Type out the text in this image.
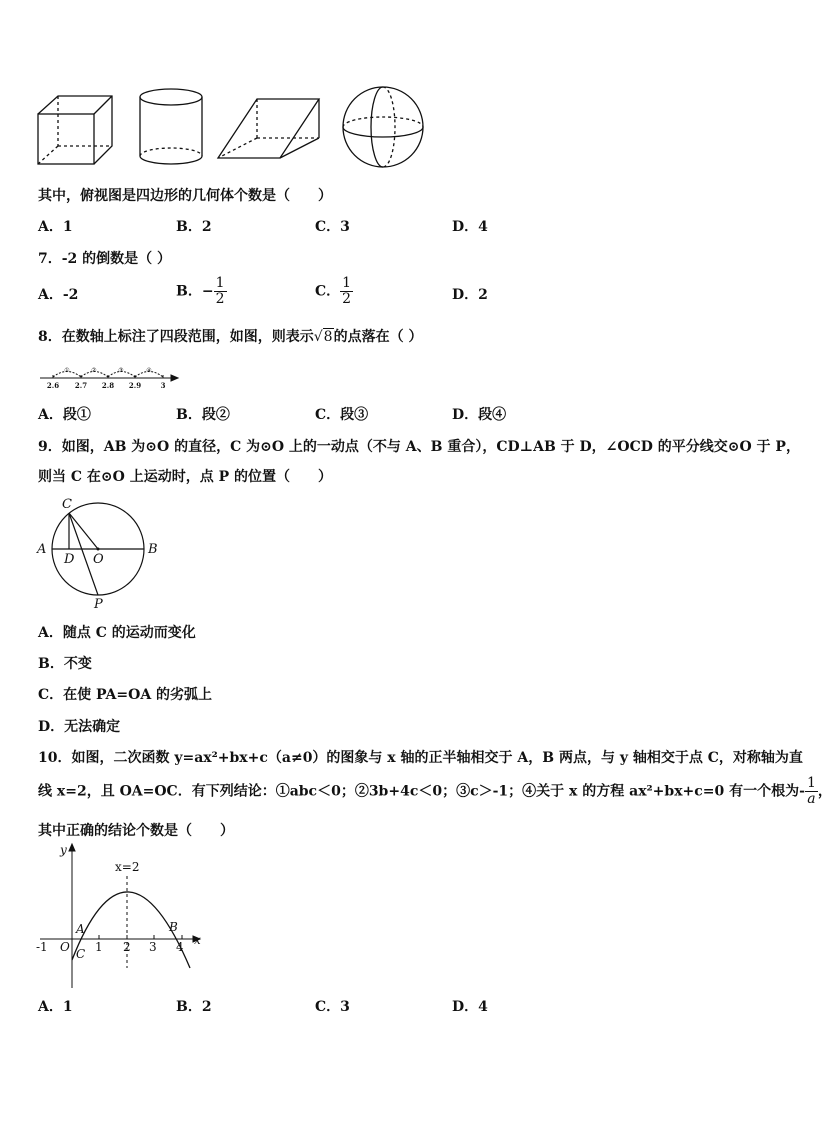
其中，俯视图是四边形的几何体个数是（　　）
A．1	B．2	C．3	D．4
7．-2 的倒数是（ ）
A．-2	B．− $\frac{1}{2}$	C． $\frac{1}{2}$	D．2
8．在数轴上标注了四段范围，如图，则表示√8的点落在（ ）
①	②	③	④
2.6 2.7 2.8 2.9	3
A．段①	B．段②	C．段③	D．段④
9．如图，AB 为⊙O 的直径，C 为⊙O 上的一动点（不与 A、B 重合），CD⊥AB 于 D，∠OCD 的平分线交⊙O 于 P，
则当 C 在⊙O 上运动时，点 P 的位置（　　）
C
A	B
D O
P
A．随点 C 的运动而变化
B．不变
C．在使 PA=OA 的劣弧上
D．无法确定
10．如图，二次函数 y=ax²+bx+c（a≠0）的图象与 x 轴的正半轴相交于 A，B 两点，与 y 轴相交于点 C，对称轴为直
线 x=2，且 OA=OC．有下列结论：①abc＜0；②3b+4c＜0；③c＞-1；④关于 x 的方程 ax²+bx+c=0 有一个根为- $\frac{1}{a}$ ，
其中正确的结论个数是（　　）
y
x
x=2
-1 O 1 2 3 4
A	B
C
A．1	B．2	C．3	D．4
